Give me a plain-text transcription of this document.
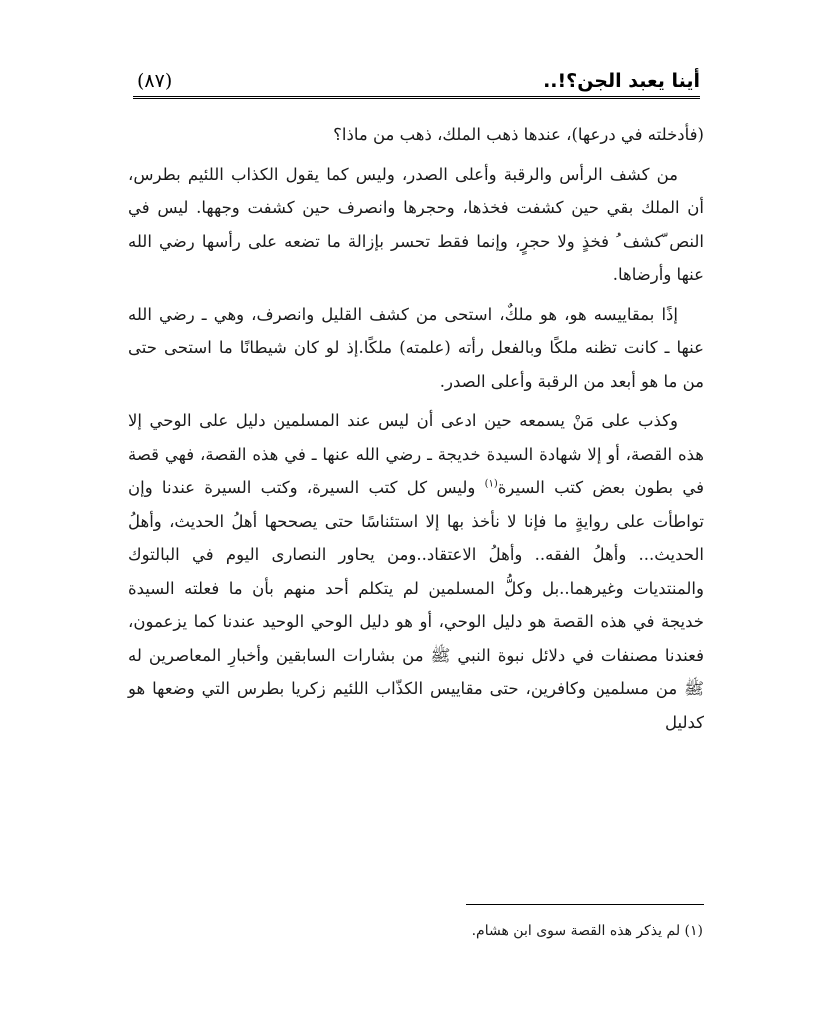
أينا يعبد الجن؟!..
(٨٧)

(فأدخلته في درعها)، عندها ذهب الملك، ذهب من ماذا؟

من كشف الرأس والرقبة وأعلى الصدر، وليس كما يقول الكذاب اللئيم بطرس، أن الملك بقي حين كشفت فخذها، وحجرها وانصرف حين كشفت وجهها. ليس في النص ّكشف ُ فخذٍ ولا حجرٍ، وإنما فقط تحسر بإزالة ما تضعه على رأسها رضي الله عنها وأرضاها.

إذًا بمقاييسه هو، هو ملكٌ، استحى من كشف القليل وانصرف، وهي ـ رضي الله عنها ـ كانت تظنه ملكًا وبالفعل رأته (علمته) ملكًا.إذ لو كان شيطانًا ما استحى حتى من ما هو أبعد من الرقبة وأعلى الصدر.

وكذب على مَنْ يسمعه حين ادعى أن ليس عند المسلمين دليل على الوحي إلا هذه القصة، أو إلا شهادة السيدة خديجة ـ رضي الله عنها ـ في هذه القصة، فهي قصة في بطون بعض كتب السيرة$^{(١)}$ وليس كل كتب السيرة، وكتب السيرة عندنا وإن تواطأت على روايةٍ ما فإنا لا نأخذ بها إلا استئناسًا حتى يصححها أهلُ الحديث، وأهلُ الحديث... وأهلُ الفقه.. وأهلُ الاعتقاد..ومن يحاور النصارى اليوم في البالتوك والمنتديات وغيرهما..بل وكلُّ المسلمين لم يتكلم أحد منهم بأن ما فعلته السيدة خديجة في هذه القصة هو دليل الوحي، أو هو دليل الوحي الوحيد عندنا كما يزعمون، فعندنا مصنفات في دلائل نبوة النبي ﷺ من بشارات السابقين وأخبارِ المعاصرين له ﷺ من مسلمين وكافرين، حتى مقاييس الكذّاب اللئيم زكريا بطرس التي وضعها هو كدليل

(١) لم يذكر هذه القصة سوى ابن هشام.
